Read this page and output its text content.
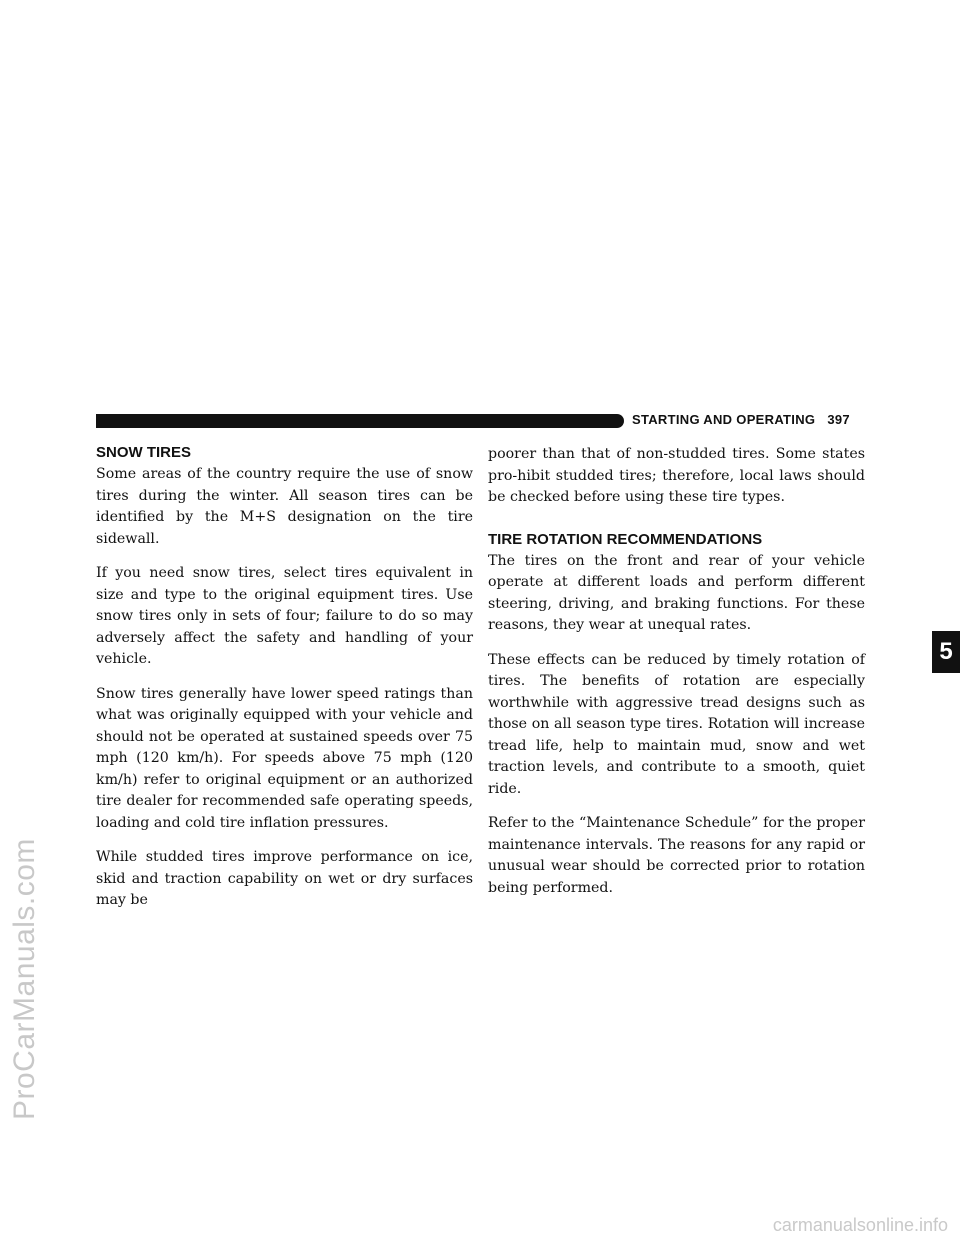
ProCarManuals.com
carmanualsonline.info
STARTING AND OPERATING 397
5
SNOW TIRES

Some areas of the country require the use of snow tires during the winter. All season tires can be identified by the M+S designation on the tire sidewall.

If you need snow tires, select tires equivalent in size and type to the original equipment tires. Use snow tires only in sets of four; failure to do so may adversely affect the safety and handling of your vehicle.

Snow tires generally have lower speed ratings than what was originally equipped with your vehicle and should not be operated at sustained speeds over 75 mph (120 km/h). For speeds above 75 mph (120 km/h) refer to original equipment or an authorized tire dealer for recommended safe operating speeds, loading and cold tire inflation pressures.

While studded tires improve performance on ice, skid and traction capability on wet or dry surfaces may be

poorer than that of non-studded tires. Some states pro-hibit studded tires; therefore, local laws should be checked before using these tire types.

TIRE ROTATION RECOMMENDATIONS

The tires on the front and rear of your vehicle operate at different loads and perform different steering, driving, and braking functions. For these reasons, they wear at unequal rates.

These effects can be reduced by timely rotation of tires. The benefits of rotation are especially worthwhile with aggressive tread designs such as those on all season type tires. Rotation will increase tread life, help to maintain mud, snow and wet traction levels, and contribute to a smooth, quiet ride.

Refer to the “Maintenance Schedule” for the proper maintenance intervals. The reasons for any rapid or unusual wear should be corrected prior to rotation being performed.
